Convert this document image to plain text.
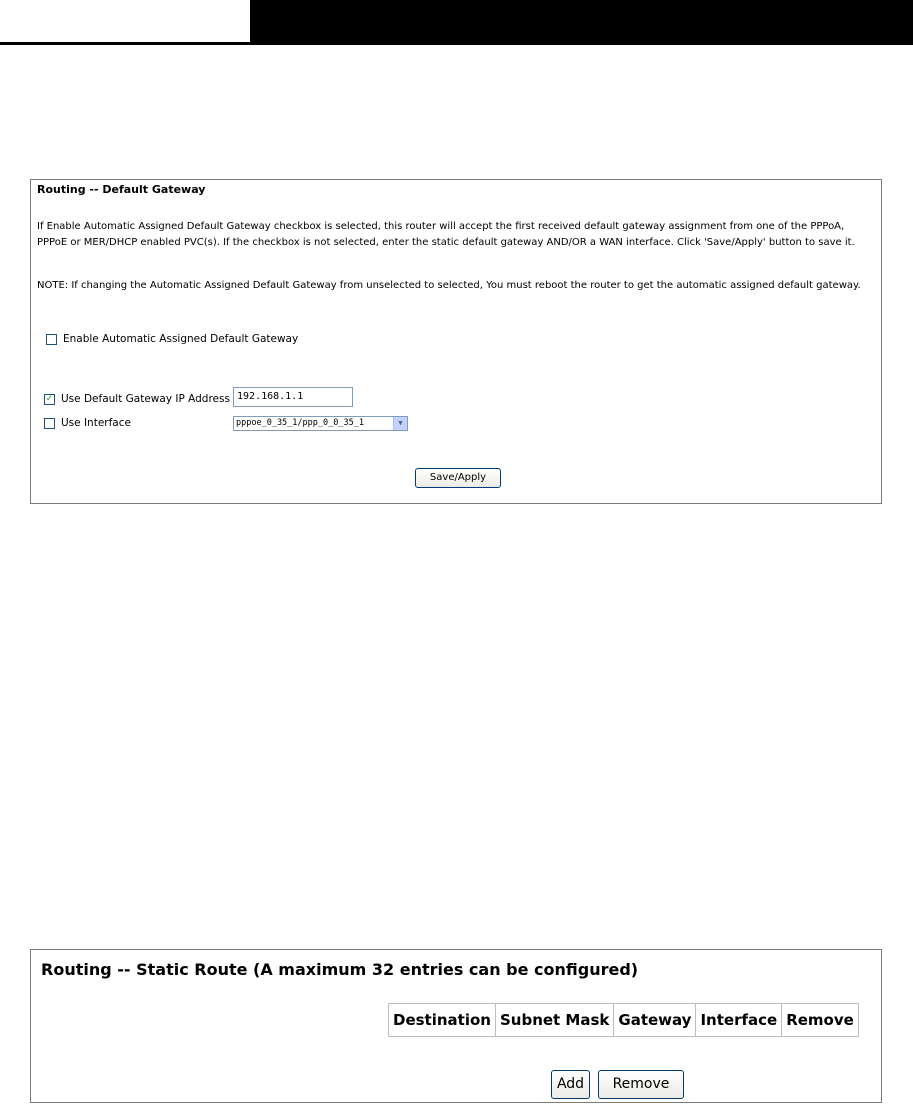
Routing -- Default Gateway
If Enable Automatic Assigned Default Gateway checkbox is selected, this router will accept the first received default gateway assignment from one of the PPPoA, PPPoE or MER/DHCP enabled PVC(s). If the checkbox is not selected, enter the static default gateway AND/OR a WAN interface. Click 'Save/Apply' button to save it.
NOTE: If changing the Automatic Assigned Default Gateway from unselected to selected, You must reboot the router to get the automatic assigned default gateway.
Enable Automatic Assigned Default Gateway
✓ Use Default Gateway IP Address 192.168.1.1
Use Interface	pppoe_0_35_1/ppp_0_0_35_1	▼
Save/Apply
Routing -- Static Route (A maximum 32 entries can be configured)
Destination	Subnet Mask	Gateway	Interface	Remove
Add	Remove
